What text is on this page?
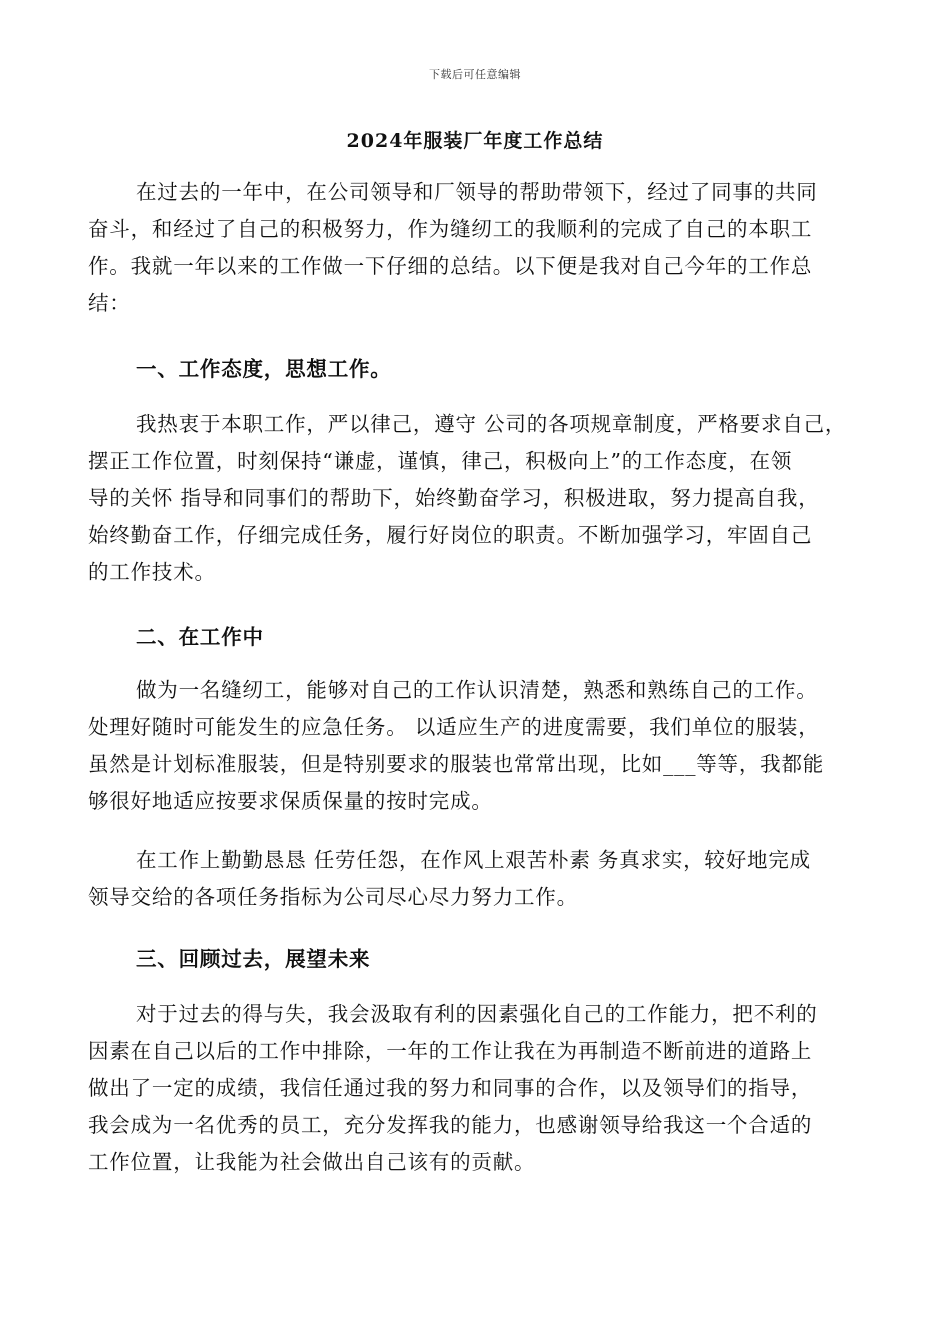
下载后可任意编辑
2024年服装厂年度工作总结
在过去的一年中，在公司领导和厂领导的帮助带领下，经过了同事的共同
奋斗，和经过了自己的积极努力，作为缝纫工的我顺利的完成了自己的本职工
作。我就一年以来的工作做一下仔细的总结。以下便是我对自己今年的工作总
结：
一、工作态度，思想工作。
我热衷于本职工作，严以律己，遵守 公司的各项规章制度，严格要求自己，
摆正工作位置，时刻保持“谦虚，谨慎，律己，积极向上”的工作态度，在领
导的关怀 指导和同事们的帮助下，始终勤奋学习，积极进取，努力提高自我，
始终勤奋工作，仔细完成任务，履行好岗位的职责。不断加强学习，牢固自己
的工作技术。
二、在工作中
做为一名缝纫工，能够对自己的工作认识清楚，熟悉和熟练自己的工作。
处理好随时可能发生的应急任务。 以适应生产的进度需要，我们单位的服装，
虽然是计划标准服装，但是特别要求的服装也常常出现，比如___等等，我都能
够很好地适应按要求保质保量的按时完成。
在工作上勤勤恳恳 任劳任怨，在作风上艰苦朴素 务真求实，较好地完成
领导交给的各项任务指标为公司尽心尽力努力工作。
三、回顾过去，展望未来
对于过去的得与失，我会汲取有利的因素强化自己的工作能力，把不利的
因素在自己以后的工作中排除，一年的工作让我在为再制造不断前进的道路上
做出了一定的成绩，我信任通过我的努力和同事的合作，以及领导们的指导，
我会成为一名优秀的员工，充分发挥我的能力，也感谢领导给我这一个合适的
工作位置，让我能为社会做出自己该有的贡献。
